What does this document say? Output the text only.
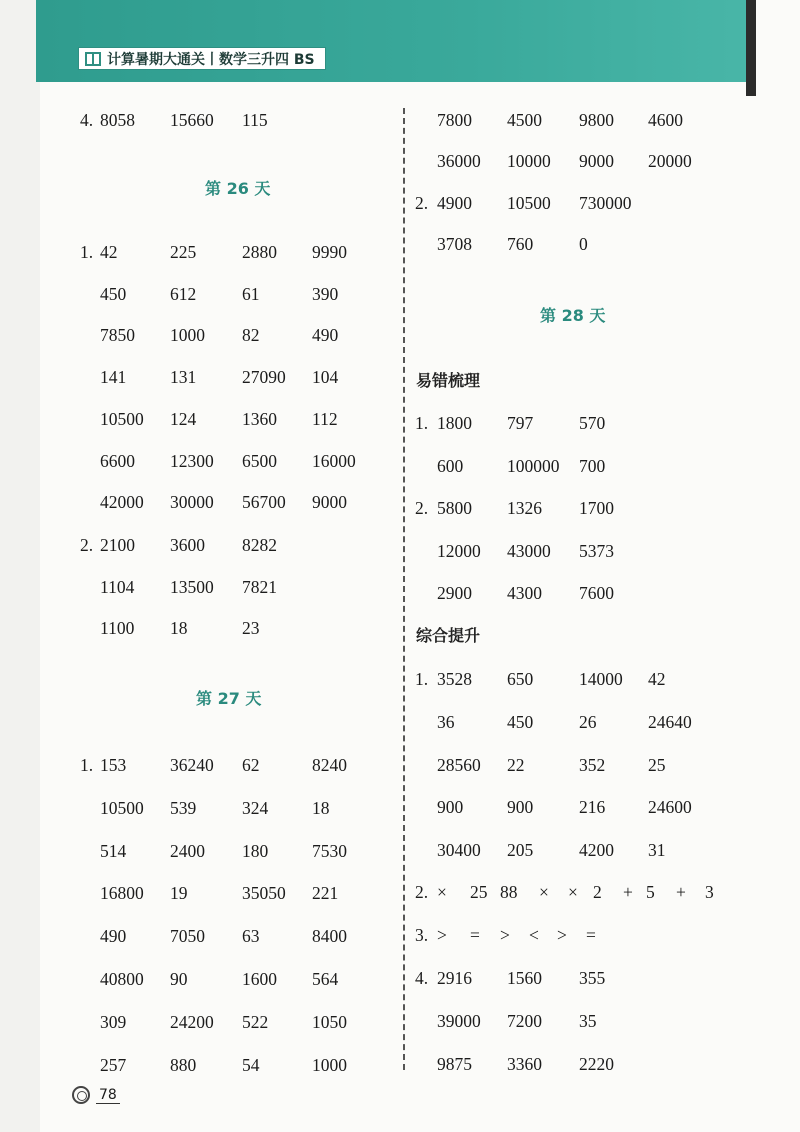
计算暑期大通关丨数学三升四 BS
4. 8058 15660 115
第 26 天
1. 42	225	2880 9990
450	612	61	390
7850 1000 82	490
141	131	27090 104
10500 124	1360 112
6600 12300 6500 16000
42000 30000 56700 9000
2. 2100 3600 8282
1104 13500 7821
1100 18	23
第 27 天
1. 153	36240 62	8240
10500 539	324	18
514	2400 180	7530
16800 19	35050 221
490	7050 63	8400
40800 90	1600 564
309	24200 522	1050
257	880	54	1000
7800 4500 9800 4600
36000 10000 9000 20000
2. 4900 10500 730000
3708 760	0
第 28 天
易错梳理
1. 1800 797	570
600	100000 700
2. 5800 1326 1700
12000 43000 5373
2900 4300 7600
综合提升
1. 3528 650	14000 42
36	450	26	24640
28560 22	352 25
900	900	216 24600
30400 205	4200 31
2. × 25 88 × × 2 + 5 + 3
3. > = > < > =
4. 2916 1560 355
39000 7200 35
9875 3360 2220
78
